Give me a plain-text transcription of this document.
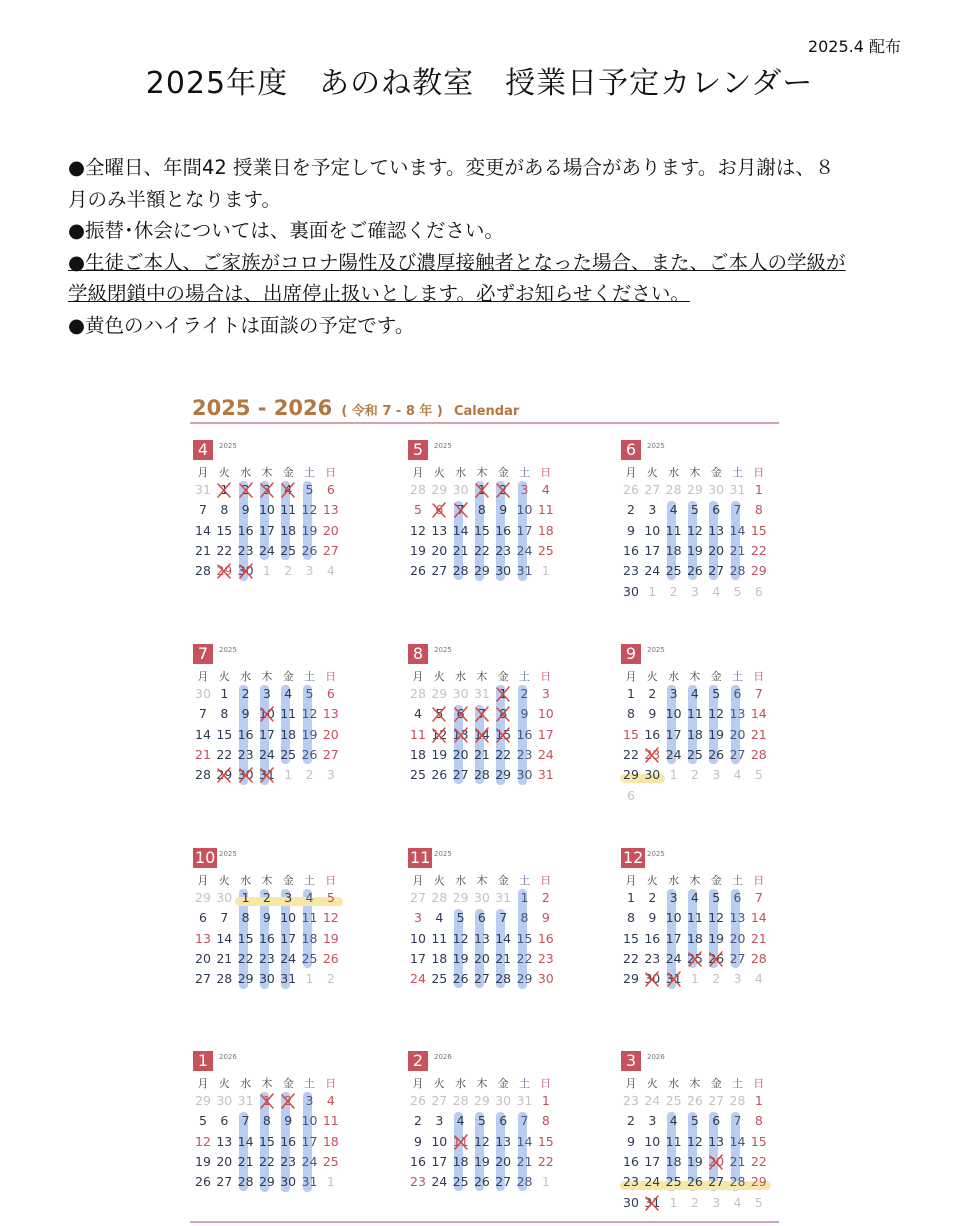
2025.4 配布
2025年度　あのね教室　授業日予定カレンダー
●全曜日、年間42 授業日を予定しています。変更がある場合があります。お月謝は、８
月のみ半額となります。
●振替･休会については、裏面をご確認ください。
●生徒ご本人、ご家族がコロナ陽性及び濃厚接触者となった場合、また、ご本人の学級が
学級閉鎖中の場合は、出席停止扱いとします。必ずお知らせください。
●黄色のハイライトは面談の予定です。
2025 - 2026 ( 令和 7 - 8 年 ) Calendar
4	2025
月 火 水 木 金 土 日
31 1	2	3	4	5	6
7	8	9 10 11 12 13
14 15 16 17 18 19 20
21 22 23 24 25 26 27
28 29 30 1	2	3	4
5	2025
月 火 水 木 金 土 日
28 29 30 1	2	3	4
5	6	7	8	9 10 11
12 13 14 15 16 17 18
19 20 21 22 23 24 25
26 27 28 29 30 31 1
6	2025
月 火 水 木 金 土 日
26 27 28 29 30 31 1
2	3	4	5	6	7	8
9 10 11 12 13 14 15
16 17 18 19 20 21 22
23 24 25 26 27 28 29
30 1	2	3	4	5	6
7	2025
月 火 水 木 金 土 日
30 1	2	3	4	5	6
7	8	9 10 11 12 13
14 15 16 17 18 19 20
21 22 23 24 25 26 27
28 29 30 31 1	2	3
8	2025
月 火 水 木 金 土 日
28 29 30 31 1	2	3
4	5	6	7	8	9 10
11 12 13 14 15 16 17
18 19 20 21 22 23 24
25 26 27 28 29 30 31
9	2025
月 火 水 木 金 土 日
1	2	3	4	5	6	7
8	9 10 11 12 13 14
15 16 17 18 19 20 21
22 23 24 25 26 27 28
29 30 1	2	3	4	5
6
10 2025
月 火 水 木 金 土 日
29 30 1	2	3	4	5
6	7	8	9 10 11 12
13 14 15 16 17 18 19
20 21 22 23 24 25 26
27 28 29 30 31 1	2
11 2025
月 火 水 木 金 土 日
27 28 29 30 31 1	2
3	4	5	6	7	8	9
10 11 12 13 14 15 16
17 18 19 20 21 22 23
24 25 26 27 28 29 30
12 2025
月 火 水 木 金 土 日
1	2	3	4	5	6	7
8	9 10 11 12 13 14
15 16 17 18 19 20 21
22 23 24 25 26 27 28
29 30 31 1	2	3	4
1	2026
月 火 水 木 金 土 日
29 30 31 1	2	3	4
5	6	7	8	9 10 11
12 13 14 15 16 17 18
19 20 21 22 23 24 25
26 27 28 29 30 31 1
2	2026
月 火 水 木 金 土 日
26 27 28 29 30 31 1
2	3	4	5	6	7	8
9 10 11 12 13 14 15
16 17 18 19 20 21 22
23 24 25 26 27 28 1
3	2026
月 火 水 木 金 土 日
23 24 25 26 27 28 1
2	3	4	5	6	7	8
9 10 11 12 13 14 15
16 17 18 19 20 21 22
23 24 25 26 27 28 29
30 31 1	2	3	4	5
